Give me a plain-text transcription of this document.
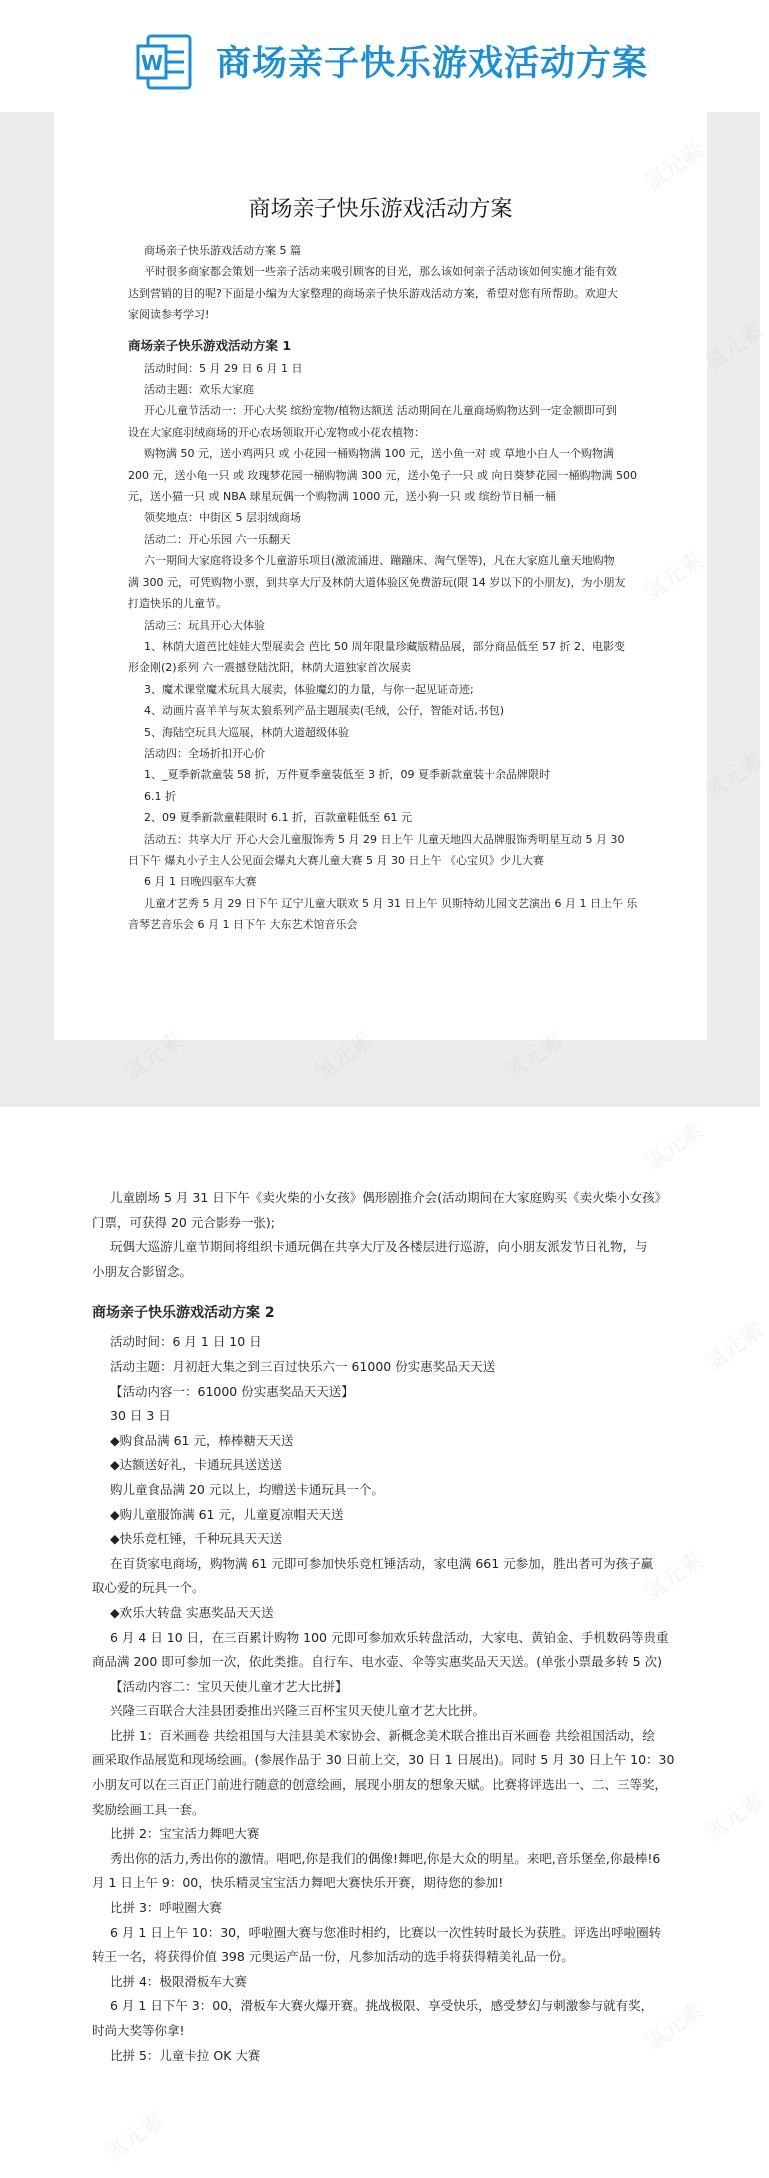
W 商场亲子快乐游戏活动方案
商场亲子快乐游戏活动方案
商场亲子快乐游戏活动方案 5 篇
平时很多商家都会策划一些亲子活动来吸引顾客的目光，那么该如何亲子活动该如何实施才能有效
达到营销的目的呢?下面是小编为大家整理的商场亲子快乐游戏活动方案，希望对您有所帮助。欢迎大
家阅读参考学习!
商场亲子快乐游戏活动方案 1
活动时间：5 月 29 日 6 月 1 日
活动主题：欢乐大家庭
开心儿童节活动一：开心大奖 缤纷宠物/植物达额送 活动期间在儿童商场购物达到一定金额即可到
设在大家庭羽绒商场的开心农场领取开心宠物或小花农植物：
购物满 50 元，送小鸡两只 或 小花园一桶购物满 100 元，送小鱼一对 或 草地小白人一个购物满
200 元，送小龟一只 或 玫瑰梦花园一桶购物满 300 元，送小兔子一只 或 向日葵梦花园一桶购物满 500
元，送小猫一只 或 NBA 球星玩偶一个购物满 1000 元，送小狗一只 或 缤纷节日桶一桶
领奖地点：中街区 5 层羽绒商场
活动二：开心乐园 六一乐翻天
六一期间大家庭将设多个儿童游乐项目(激流涌进、蹦蹦床、淘气堡等)，凡在大家庭儿童天地购物
满 300 元，可凭购物小票，到共享大厅及林荫大道体验区免费游玩(限 14 岁以下的小朋友)，为小朋友
打造快乐的儿童节。
活动三：玩具开心大体验
1、林荫大道芭比娃娃大型展卖会 芭比 50 周年限量珍藏版精品展，部分商品低至 57 折 2、电影变
形金刚(2)系列 六一震撼登陆沈阳，林荫大道独家首次展卖
3、魔术课堂魔术玩具大展卖，体验魔幻的力量，与你一起见证奇迹;
4、动画片喜羊羊与灰太狼系列产品主题展卖(毛绒，公仔，智能对话,书包)
5、海陆空玩具大巡展，林荫大道超级体验
活动四：全场折扣开心价
1、_夏季新款童装 58 折，万件夏季童装低至 3 折，09 夏季新款童装十余品牌限时
6.1 折
2、09 夏季新款童鞋限时 6.1 折，百款童鞋低至 61 元
活动五：共享大厅 开心大会儿童服饰秀 5 月 29 日上午 儿童天地四大品牌服饰秀明星互动 5 月 30
日下午 爆丸小子主人公见面会爆丸大赛儿童大赛 5 月 30 日上午 《心宝贝》少儿大赛
6 月 1 日晚四驱车大赛
儿童才艺秀 5 月 29 日下午 辽宁儿童大联欢 5 月 31 日上午 贝斯特幼儿园文艺演出 6 月 1 日上午 乐
音琴艺音乐会 6 月 1 日下午 大东艺术馆音乐会
儿童剧场 5 月 31 日下午《卖火柴的小女孩》偶形剧推介会(活动期间在大家庭购买《卖火柴小女孩》
门票，可获得 20 元合影券一张);
玩偶大巡游儿童节期间将组织卡通玩偶在共享大厅及各楼层进行巡游，向小朋友派发节日礼物，与
小朋友合影留念。
商场亲子快乐游戏活动方案 2
活动时间：6 月 1 日 10 日
活动主题：月初赶大集之到三百过快乐六一 61000 份实惠奖品天天送
【活动内容一：61000 份实惠奖品天天送】
30 日 3 日
◆购食品满 61 元，棒棒糖天天送
◆达额送好礼，卡通玩具送送送
购儿童食品满 20 元以上，均赠送卡通玩具一个。
◆购儿童服饰满 61 元，儿童夏凉帽天天送
◆快乐竞杠锤，千种玩具天天送
在百货家电商场，购物满 61 元即可参加快乐竞杠锤活动，家电满 661 元参加，胜出者可为孩子赢
取心爱的玩具一个。
◆欢乐大转盘 实惠奖品天天送
6 月 4 日 10 日，在三百累计购物 100 元即可参加欢乐转盘活动，大家电、黄铂金、手机数码等贵重
商品满 200 即可参加一次，依此类推。自行车、电水壶、伞等实惠奖品天天送。(单张小票最多转 5 次)
【活动内容二：宝贝天使儿童才艺大比拼】
兴隆三百联合大洼县团委推出兴隆三百杯宝贝天使儿童才艺大比拼。
比拼 1：百米画卷 共绘祖国与大洼县美术家协会、新概念美术联合推出百米画卷 共绘祖国活动，绘
画采取作品展览和现场绘画。(参展作品于 30 日前上交，30 日 1 日展出)。同时 5 月 30 日上午 10：30
小朋友可以在三百正门前进行随意的创意绘画，展现小朋友的想象天赋。比赛将评选出一、二、三等奖，
奖励绘画工具一套。
比拼 2：宝宝活力舞吧大赛
秀出你的活力,秀出你的激情。唱吧,你是我们的偶像!舞吧,你是大众的明星。来吧,音乐堡垒,你最棒!6
月 1 日上午 9：00，快乐精灵宝宝活力舞吧大赛快乐开赛，期待您的参加!
比拼 3：呼啦圈大赛
6 月 1 日上午 10：30，呼啦圈大赛与您准时相约，比赛以一次性转时最长为获胜。评选出呼啦圈转
转王一名，将获得价值 398 元奥运产品一份，凡参加活动的选手将获得精美礼品一份。
比拼 4：极限滑板车大赛
6 月 1 日下午 3：00，滑板车大赛火爆开赛。挑战极限、享受快乐，感受梦幻与刺激参与就有奖，
时尚大奖等你拿!
比拼 5：儿童卡拉 OK 大赛
氢元素
氢元素
氢元素
氢元素
氢元素
氢元素
